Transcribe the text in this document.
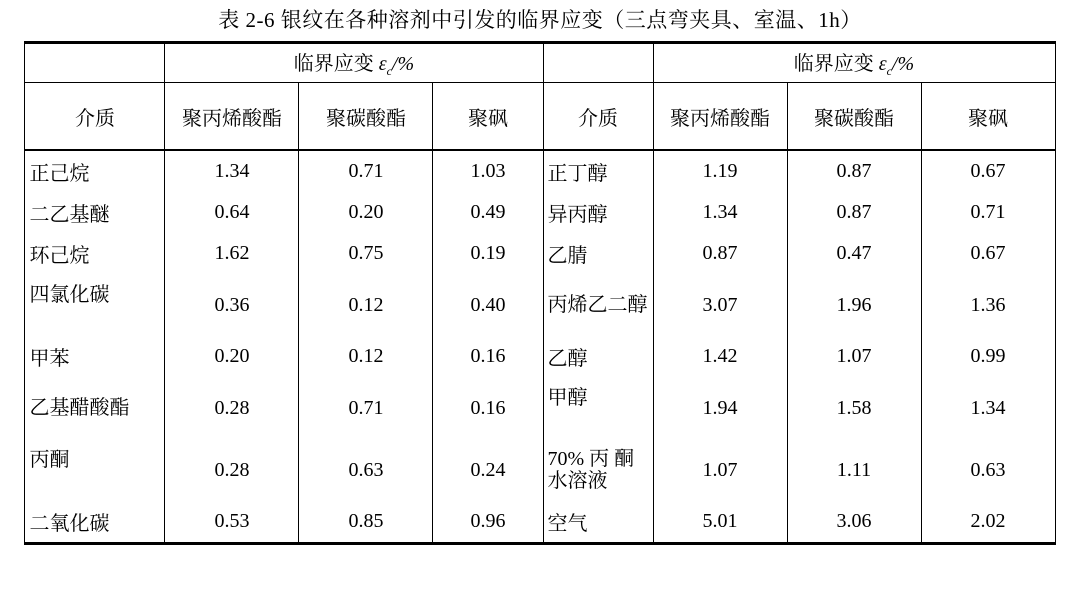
表 2-6 银纹在各种溶剂中引发的临界应变（三点弯夹具、室温、1h）
	临界应变 $\varepsilon_c/\%$				临界应变 $\varepsilon_c/\%$		
介质	聚丙烯酸酯	聚碳酸酯	聚砜	介质	聚丙烯酸酯	聚碳酸酯	聚砜
正己烷	1.34	0.71	1.03	正丁醇	1.19	0.87	0.67
二乙基醚	0.64	0.20	0.49	异丙醇	1.34	0.87	0.71
环己烷	1.62	0.75	0.19	乙腈	0.87	0.47	0.67
四氯化碳	0.36	0.12	0.40	丙烯乙二醇	3.07	1.96	1.36
甲苯	0.20	0.12	0.16	乙醇	1.42	1.07	0.99
乙基醋酸酯	0.28	0.71	0.16	甲醇	1.94	1.58	1.34
丙酮	0.28	0.63	0.24	70% 丙 酮水溶液	1.07	1.11	0.63
二氧化碳	0.53	0.85	0.96	空气	5.01	3.06	2.02
